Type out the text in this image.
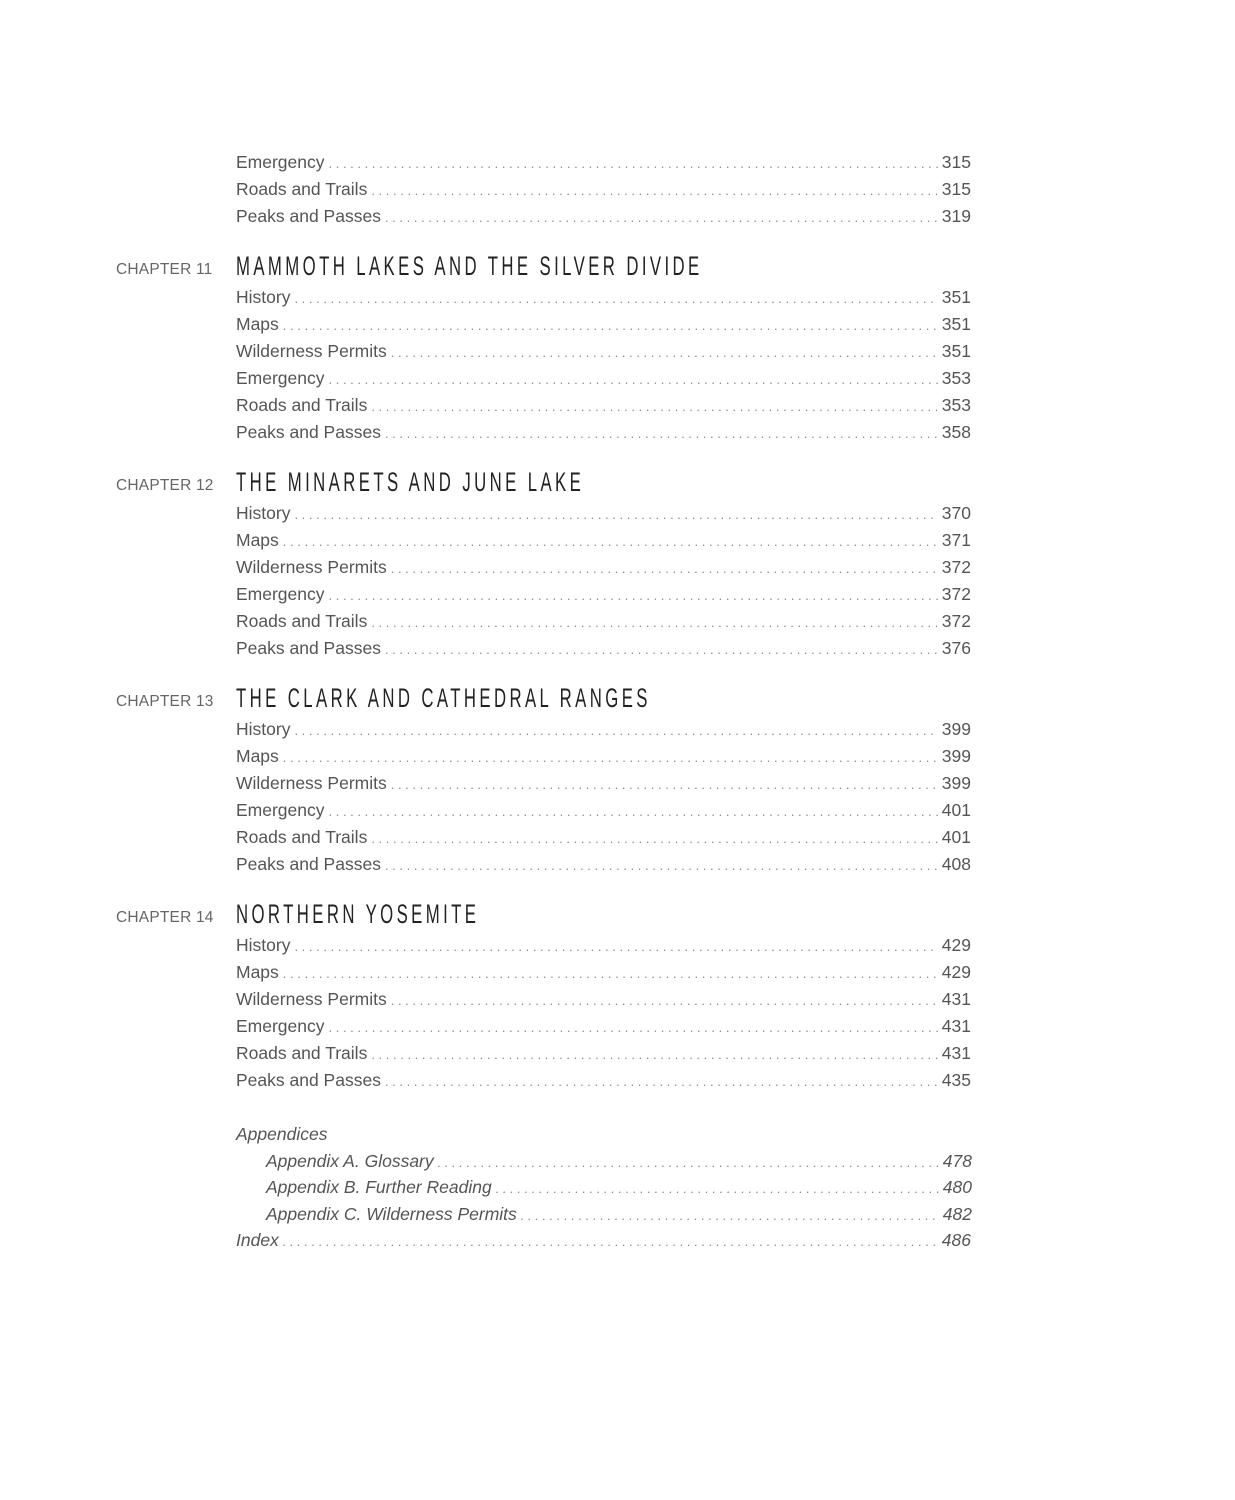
Emergency . . .	315
Roads and Trails . . .	315
Peaks and Passes . . .	319
CHAPTER 11 MAMMOTH LAKES AND THE SILVER DIVIDE
History . . .	351
Maps . . .	351
Wilderness Permits . . .	351
Emergency . . .	353
Roads and Trails . . .	353
Peaks and Passes . . .	358
CHAPTER 12 THE MINARETS AND JUNE LAKE
History . . .	370
Maps . . .	371
Wilderness Permits . . .	372
Emergency . . .	372
Roads and Trails . . .	372
Peaks and Passes . . .	376
CHAPTER 13 THE CLARK AND CATHEDRAL RANGES
History . . .	399
Maps . . .	399
Wilderness Permits . . .	399
Emergency . . .	401
Roads and Trails . . .	401
Peaks and Passes . . .	408
CHAPTER 14 NORTHERN YOSEMITE
History . . .	429
Maps . . .	429
Wilderness Permits . . .	431
Emergency . . .	431
Roads and Trails . . .	431
Peaks and Passes . . .	435
Appendices
Appendix A. Glossary . . .	478
Appendix B. Further Reading . . .	480
Appendix C. Wilderness Permits . . .	482
Index . . .	486
